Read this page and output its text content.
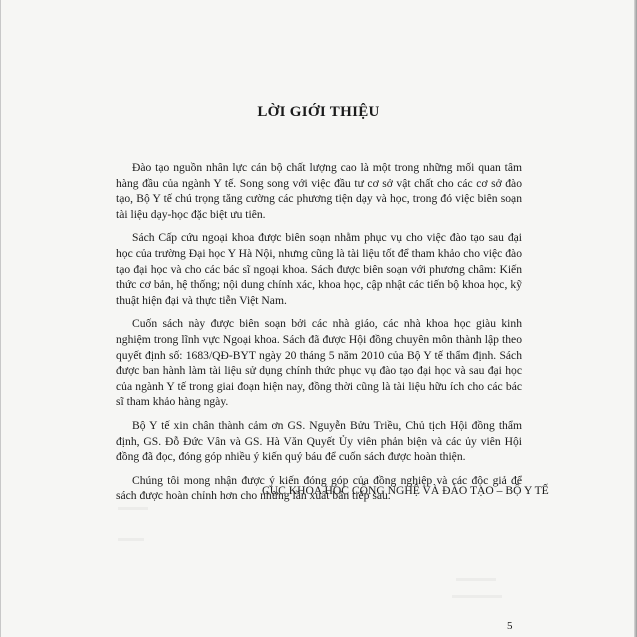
LỜI GIỚI THIỆU

Đào tạo nguồn nhân lực cán bộ chất lượng cao là một trong những mối quan tâm hàng đầu của ngành Y tế. Song song với việc đầu tư cơ sở vật chất cho các cơ sở đào tạo, Bộ Y tế chú trọng tăng cường các phương tiện dạy và học, trong đó việc biên soạn tài liệu dạy-học đặc biệt ưu tiên.

Sách Cấp cứu ngoại khoa được biên soạn nhằm phục vụ cho việc đào tạo sau đại học của trường Đại học Y Hà Nội, nhưng cũng là tài liệu tốt để tham khảo cho việc đào tạo đại học và cho các bác sĩ ngoại khoa. Sách được biên soạn với phương châm: Kiến thức cơ bản, hệ thống; nội dung chính xác, khoa học, cập nhật các tiến bộ khoa học, kỹ thuật hiện đại và thực tiễn Việt Nam.

Cuốn sách này được biên soạn bởi các nhà giáo, các nhà khoa học giàu kinh nghiệm trong lĩnh vực Ngoại khoa. Sách đã được Hội đồng chuyên môn thành lập theo quyết định số: 1683/QĐ-BYT ngày 20 tháng 5 năm 2010 của Bộ Y tế thẩm định. Sách được ban hành làm tài liệu sử dụng chính thức phục vụ đào tạo đại học và sau đại học của ngành Y tế trong giai đoạn hiện nay, đồng thời cũng là tài liệu hữu ích cho các bác sĩ tham khảo hàng ngày.

Bộ Y tế xin chân thành cảm ơn GS. Nguyễn Bửu Triều, Chủ tịch Hội đồng thẩm định, GS. Đỗ Đức Vân và GS. Hà Văn Quyết Ủy viên phản biện và các ủy viên Hội đồng đã đọc, đóng góp nhiều ý kiến quý báu để cuốn sách được hoàn thiện.

Chúng tôi mong nhận được ý kiến đóng góp của đồng nghiệp và các độc giả để sách được hoàn chỉnh hơn cho những lần xuất bản tiếp sau.

CỤC KHOA HỌC CÔNG NGHỆ VÀ ĐÀO TẠO – BỘ Y TẾ
5
